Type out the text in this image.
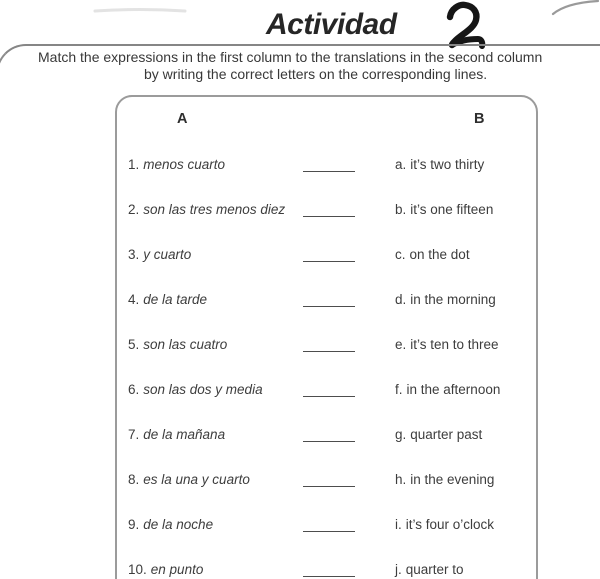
Actividad
Match the expressions in the first column to the translations in the second column
by writing the correct letters on the corresponding lines.
A	B
1. menos cuarto	a. it’s two thirty
2. son las tres menos diez	b. it’s one fifteen
3. y cuarto	c. on the dot
4. de la tarde	d. in the morning
5. son las cuatro	e. it’s ten to three
6. son las dos y media	f. in the afternoon
7. de la mañana	g. quarter past
8. es la una y cuarto	h. in the evening
9. de la noche	i. it’s four o’clock
10. en punto	j. quarter to
